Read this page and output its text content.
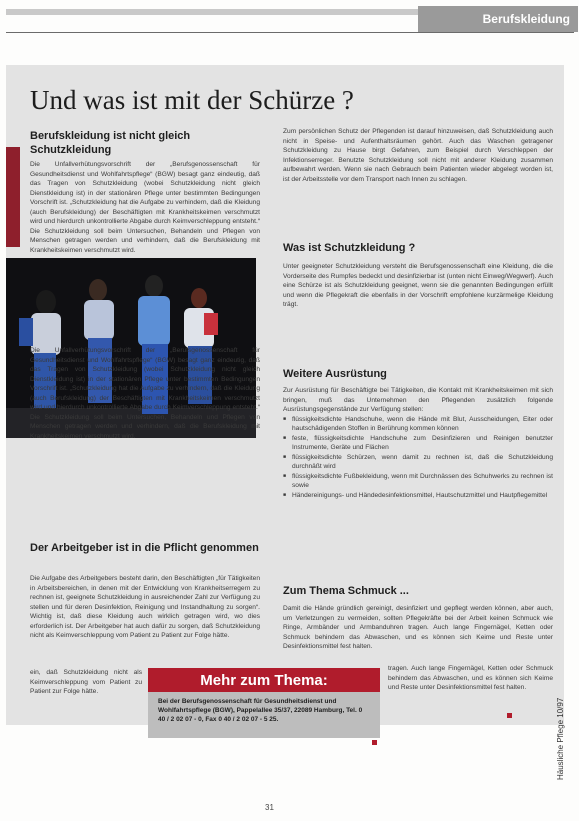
Berufskleidung
Und was ist mit der Schürze ?
Berufskleidung ist nicht gleich Schutzkleidung

Die Unfallverhütungsvorschrift der „Berufsgenossenschaft für Gesundheitsdienst und Wohlfahrtspflege“ (BGW) besagt ganz eindeutig, daß das Tragen von Schutzkleidung (wobei Schutzkleidung nicht gleich Dienstkleidung ist) in der stationären Pflege unter bestimmten Bedingungen Vorschrift ist. „Schutzkleidung hat die Aufgabe zu verhindern, daß die Kleidung (auch Berufskleidung) der Beschäftigten mit Krankheitskeimen verschmutzt wird und hierdurch unkontrollierte Abgabe durch Keimverschleppung entsteht.“ Die Schutzkleidung soll beim Untersuchen, Behandeln und Pflegen von Menschen getragen werden und verhindern, daß die Berufskleidung mit Krankheitskeimen verschmutzt wird.

Die Unfallverhütungsvorschrift der „Berufsgenossenschaft für Gesundheitsdienst und Wohlfahrtspflege“ (BGW) besagt ganz eindeutig, daß das Tragen von Schutzkleidung (wobei Schutzkleidung nicht gleich Dienstkleidung ist) in der stationären Pflege unter bestimmten Bedingungen Vorschrift ist. „Schutzkleidung hat die Aufgabe zu verhindern, daß die Kleidung (auch Berufskleidung) der Beschäftigten mit Krankheitskeimen verschmutzt wird und hierdurch unkontrollierte Abgabe durch Keimverschleppung entsteht.“ Die Schutzkleidung soll beim Untersuchen, Behandeln und Pflegen von Menschen getragen werden und verhindern, daß die Berufskleidung mit Krankheitskeimen verschmutzt wird.

Der Arbeitgeber ist in die Pflicht genommen

Die Aufgabe des Arbeitgebers besteht darin, den Beschäftigten „für Tätigkeiten in Arbeitsbereichen, in denen mit der Entwicklung von Krankheitserregern zu rechnen ist, geeignete Schutzkleidung in ausreichender Zahl zur Verfügung zu stellen und für deren Desinfektion, Reinigung und Instandhaltung zu sorgen“. Wichtig ist, daß diese Kleidung auch wirklich getragen wird, wo dies erforderlich ist. Der Arbeitgeber hat auch dafür zu sorgen, daß Schutzkleidung nicht als Keimverschleppung vom Patient zu Patient zur Folge hätte.

ein, daß Schutzkleidung nicht als Keimverschleppung vom Patient zu Patient zur Folge hätte.

Zum persönlichen Schutz der Pflegenden ist darauf hinzuweisen, daß Schutzkleidung auch nicht in Speise- und Aufenthaltsräumen gehört. Auch das Waschen getragener Schutzkleidung zu Hause birgt Gefahren, zum Beispiel durch Verschleppen der Infektionserreger. Benutzte Schutzkleidung soll nicht mit anderer Kleidung zusammen aufbewahrt werden. Wenn sie nach Gebrauch beim Patienten wieder abgelegt worden ist, ist der Arbeitsstelle vor dem Transport nach Innen zu schlagen.

Was ist Schutzkleidung ?

Unter geeigneter Schutzkleidung versteht die Berufsgenossenschaft eine Kleidung, die die Vorderseite des Rumpfes bedeckt und desinfizierbar ist (unten nicht Einweg/Wegwerf). Auch eine Schürze ist als Schutzkleidung geeignet, wenn sie die genannten Bedingungen erfüllt und wenn die Pflegekraft die ebenfalls in der Vorschrift empfohlene kurzärmelige Kleidung trägt.

Weitere Ausrüstung

Zur Ausrüstung für Beschäftigte bei Tätigkeiten, die Kontakt mit Krankheitskeimen mit sich bringen, muß das Unternehmen den Pflegenden zusätzlich folgende Ausrüstungsgegenstände zur Verfügung stellen:

■ flüssigkeitsdichte Handschuhe, wenn die Hände mit Blut, Ausscheidungen, Eiter oder hautschädigenden Stoffen in Berührung kommen können
■ feste, flüssigkeitsdichte Handschuhe zum Desinfizieren und Reinigen benutzter Instrumente, Geräte und Flächen
■ flüssigkeitsdichte Schürzen, wenn damit zu rechnen ist, daß die Schutzkleidung durchnäßt wird
■ flüssigkeitsdichte Fußbekleidung, wenn mit Durchnässen des Schuhwerks zu rechnen ist sowie
■ Händereinigungs- und Händedesinfektionsmittel, Hautschutzmittel und Hautpflegemittel
Zum Thema Schmuck ...

Damit die Hände gründlich gereinigt, desinfiziert und gepflegt werden können, aber auch, um Verletzungen zu vermeiden, sollten Pflegekräfte bei der Arbeit keinen Schmuck wie Ringe, Armbänder und Armbanduhren tragen. Auch lange Fingernägel, Ketten oder Schmuck behindern das Abwaschen, und es können sich Keime und Reste unter Desinfektionsmittel fest halten.

tragen. Auch lange Fingernägel, Ketten oder Schmuck behindern das Abwaschen, und es können sich Keime und Reste unter Desinfektionsmittel fest halten.

Mehr zum Thema:
Bei der Berufsgenossenschaft für Gesundheitsdienst und Wohlfahrtspflege (BGW), Pappelallee 35/37, 22089 Hamburg, Tel. 0 40 / 2 02 07 - 0, Fax 0 40 / 2 02 07 - 5 25.	Häusliche Pflege 10/97
31
